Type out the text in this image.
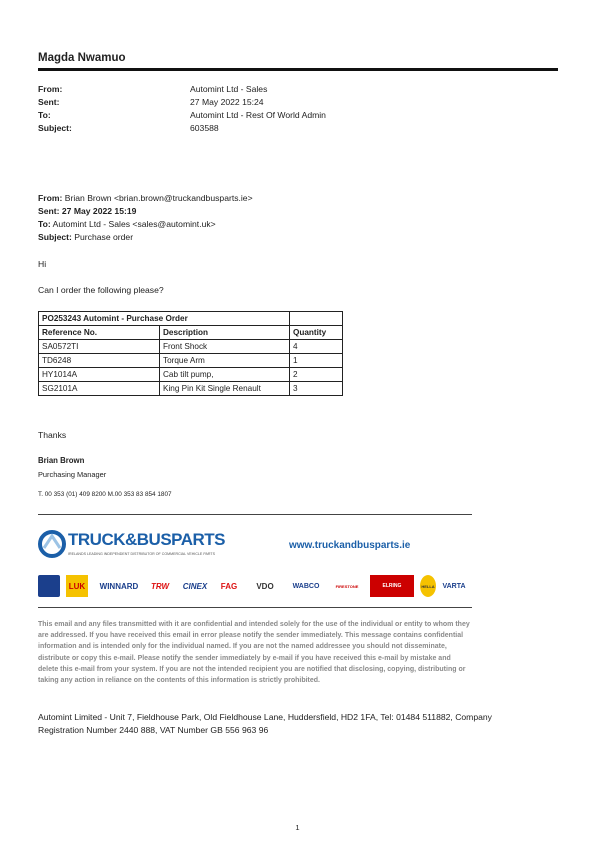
Magda Nwamuo
From:	Automint Ltd - Sales
Sent:	27 May 2022 15:24
To:	Automint Ltd - Rest Of World Admin
Subject:	603588
From: Brian Brown <brian.brown@truckandbusparts.ie>
Sent: 27 May 2022 15:19
To: Automint Ltd - Sales <sales@automint.uk>
Subject: Purchase order
Hi
Can I order the following please?
PO253243 Automint - Purchase Order		
Reference No.	Description	Quantity
SA0572TI	Front Shock	4
TD6248	Torque Arm	1
HY1014A	Cab tilt pump,	2
SG2101A	King Pin Kit Single Renault	3
Thanks
Brian Brown
Purchasing Manager
T. 00 353 (01) 409 8200 M.00 353 83 854 1807
TRUCK&BUSPARTS
IRELANDS LEADING INDEPENDENT DISTRIBUTOR OF COMMERCIAL VEHICLE PARTS
www.truckandbusparts.ie
LUK	WINNARD	TRW	CINEX	FAG	VDO	WABCO	FIRESTONE	ELRING	HELLA	VARTA
This email and any files transmitted with it are confidential and intended solely for the use of the individual or entity to whom they are addressed. If you have received this email in error please notify the sender immediately. This message contains confidential information and is intended only for the individual named. If you are not the named addressee you should not disseminate, distribute or copy this e-mail. Please notify the sender immediately by e-mail if you have received this e-mail by mistake and delete this e-mail from your system. If you are not the intended recipient you are notified that disclosing, copying, distributing or taking any action in reliance on the contents of this information is strictly prohibited.
Automint Limited - Unit 7, Fieldhouse Park, Old Fieldhouse Lane, Huddersfield, HD2 1FA, Tel: 01484 511882, Company Registration Number 2440 888, VAT Number GB 556 963 96
1
